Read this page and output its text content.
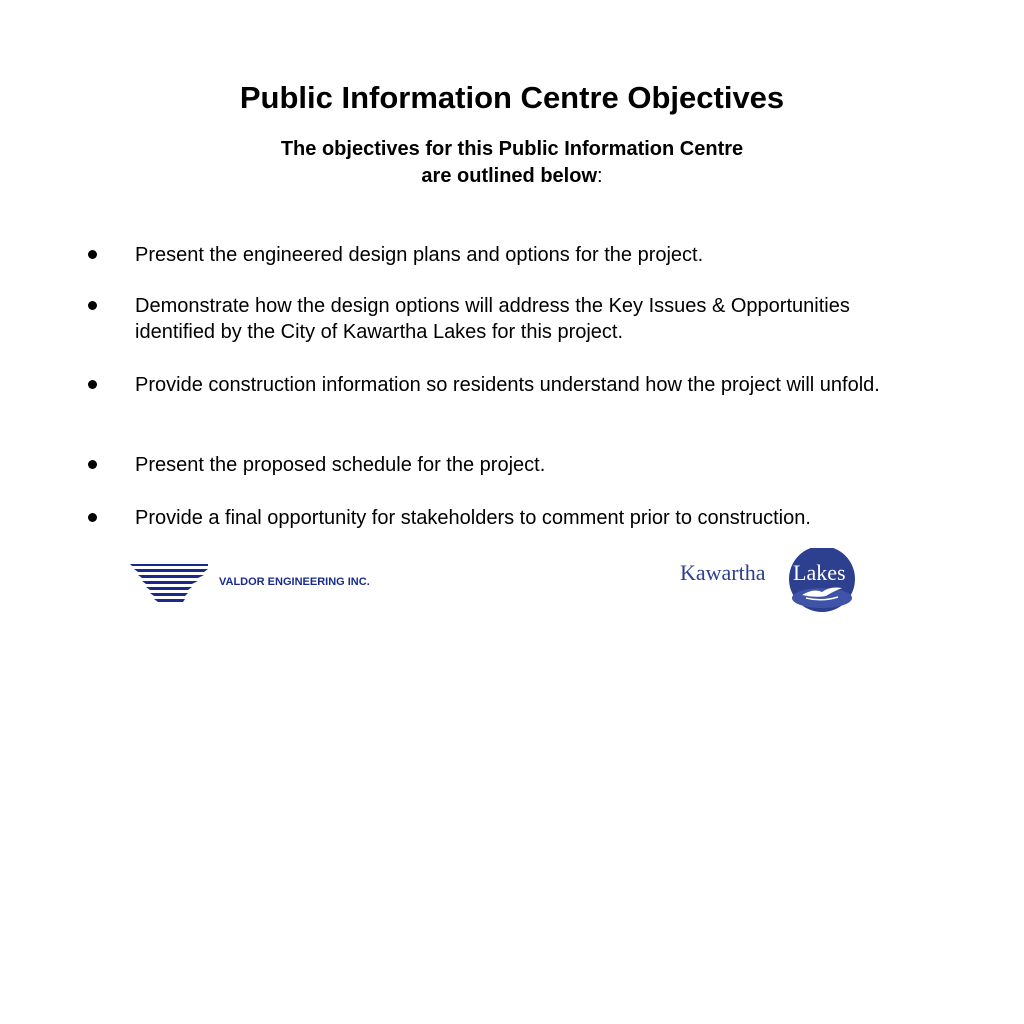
Public Information Centre Objectives
The objectives for this Public Information Centre
are outlined below:
Present the engineered design plans and options for the project.
Demonstrate how the design options will address the Key Issues & Opportunities identified by the City of Kawartha Lakes for this project.
Provide construction information so residents understand how the project will unfold.
Present the proposed schedule for the project.
Provide a final opportunity for stakeholders to comment prior to construction.
VALDOR ENGINEERING INC.	Kawartha Lakes
